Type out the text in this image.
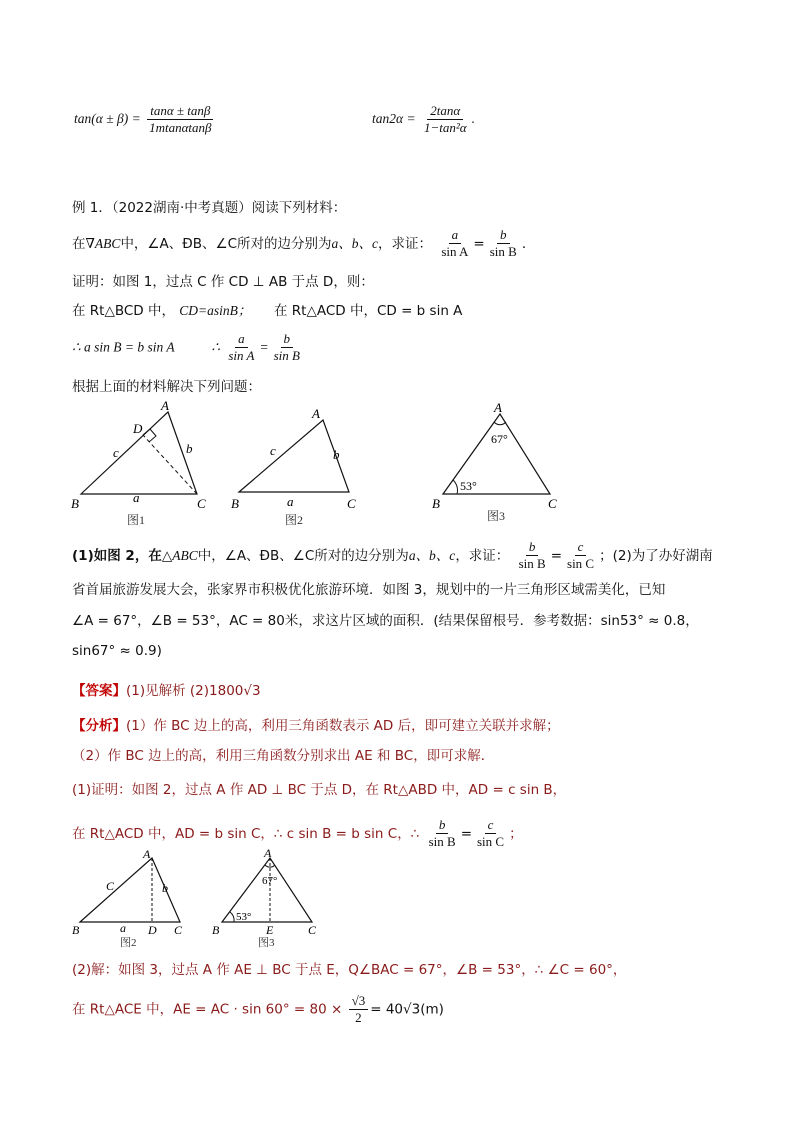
$\tan(\alpha \pm \beta) = \frac{\tan\alpha \pm \tan\beta}{1mtan\alpha\tan\beta}$	$\tan 2\alpha = \frac{2\tan\alpha}{\text{1−tan²α}}$ .
例 1．（2022湖南·中考真题）阅读下列材料：
在∇ABC中，∠A、ÐB、∠C所对的边分别为a、b、c，求证： $\frac{a}{\text{sin A}} = \frac{b}{\text{sin B}}$ ．
证明：如图 1，过点 C 作 CD ⊥ AB 于点 D，则：
在 Rt△BCD 中， CD=asinB； 在 Rt△ACD 中，CD = b sin A
∴ a sin B = b sin A	∴ $\frac{a}{\text{sin A}} = \frac{b}{\text{sin B}}$
根据上面的材料解决下列问题：
A
D
B	C
a
b
c
图1
A
B	C
a
b
c
图2
A
67°
53°
B	C
图3
(1)如图 2，在△ABC中，∠A、ÐB、∠C所对的边分别为a、b、c，求证： $\frac{b}{\text{sin B}} = \frac{c}{\text{sin C}}$ ；(2)为了办好湖南
省首届旅游发展大会，张家界市积极优化旅游环境．如图 3，规划中的一片三角形区域需美化，已知
∠A = 67°，∠B = 53°，AC = 80米，求这片区域的面积．(结果保留根号．参考数据：sin53° ≈ 0.8，
sin67° ≈ 0.9)
【答案】(1)见解析 (2)1800√3
【分析】(1）作 BC 边上的高，利用三角函数表示 AD 后，即可建立关联并求解；
（2）作 BC 边上的高，利用三角函数分别求出 AE 和 BC，即可求解．
(1)证明：如图 2，过点 A 作 AD ⊥ BC 于点 D，在 Rt△ABD 中，AD = c sin B，
在 Rt△ACD 中，AD = b sin C，∴ c sin B = b sin C，∴ $\frac{b}{\text{sin B}} = \frac{c}{\text{sin C}}$ ；
A
B	C
D
a
b
C
图2
A
67°
53°
B	E	C
图3
(2)解：如图 3，过点 A 作 AE ⊥ BC 于点 E，Q∠BAC = 67°，∠B = 53°，∴ ∠C = 60°，
在 Rt△ACE 中，AE = AC · $\sin 60^\circ = 80 \times \frac{√3}{2} = 40√3(m)$
